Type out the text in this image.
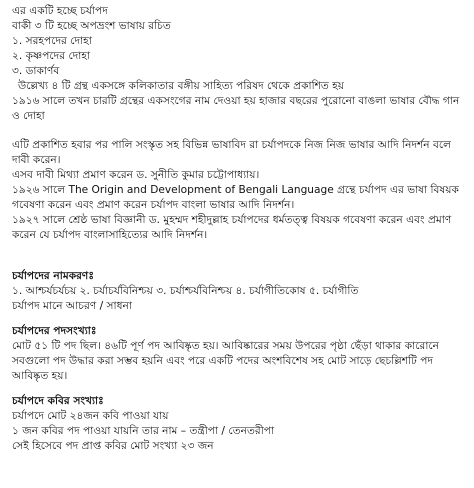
এর একটি হচ্ছে চর্যাপদ
বাকী ৩ টি হচ্ছে অপভ্রংশ ভাষায় রচিত
১. সরহপদের দোহা
২. কৃষ্ণপদের দোহা
৩. ডাকার্ণব
উল্লেখ্য ৪ টি গ্রন্থ একসঙ্গে কলিকাতার বঙ্গীয় সাহিত্য পরিষদ থেকে প্রকাশিত হয়
১৯১৬ সালে তখন চারটি গ্রন্থের একসংগের নাম দেওয়া হয় হাজার বছরের পুরোনো বাঙলা ভাষার বৌদ্ধ গান ও দোহা
এটি প্রকাশিত হবার পর পালি সংস্কৃত সহ বিভিন্ন ভাষাবিদ রা চর্যাপদকে নিজ নিজ ভাষার আদি নিদর্শন বলে দাবী করেন।
এসব দাবী মিথ্যা প্রমাণ করেন ড. সুনীতি কুমার চট্টোপাধ্যায়।
১৯২৬ সালে The Origin and Development of Bengali Language গ্রন্থে চর্যাপদ এর ভাষা বিষয়ক গবেষণা করেন এবং প্রমাণ করেন চর্যাপদ বাংলা ভাষার আদি নিদর্শন।
১৯২৭ সালে শ্রেষ্ঠ ভাষা বিজ্ঞানী ড. মুহম্মদ শহীদুল্লাহ চর্যাপদের ধর্মতত্ত্ব বিষয়ক গবেষণা করেন এবং প্রমাণ করেন যে চর্যাপদ বাংলাসাহিত্যের আদি নিদর্শন।
চর্যাপদের নামকরণঃ
১. আশ্চর্যচর্যচয় ২. চর্যাচর্যবিনিশ্চয় ৩. চর্যাশ্চর্যবিনিশ্চয় ৪. চর্যাগীতিকোষ ৫. চর্যাগীতি
চর্যাপদ মানে আচরণ / সাধনা
চর্যাপদের পদসংখ্যাঃ
মোট ৫১ টি পদ ছিল। ৪৬টি পূর্ণ পদ আবিষ্কৃত হয়। আবিষ্কারের সময় উপরের পৃষ্ঠা ছেঁড়া থাকার কারোনে সবগুলো পদ উদ্ধার করা সম্ভব হয়নি এবং পরে একটি পদের অংশবিশেষ সহ মোট সাড়ে ছেচল্লিশটি পদ আবিষ্কৃত হয়।
চর্যাপদে কবির সংখ্যাঃ
চর্যাপদে মোট ২৪জন কবি পাওয়া যায়
১ জন কবির পদ পাওয়া যায়নি তার নাম – তন্ত্রীপা / তেনতরীপা
সেই হিসেবে পদ প্রাপ্ত কবির মোট সংখ্যা ২৩ জন
